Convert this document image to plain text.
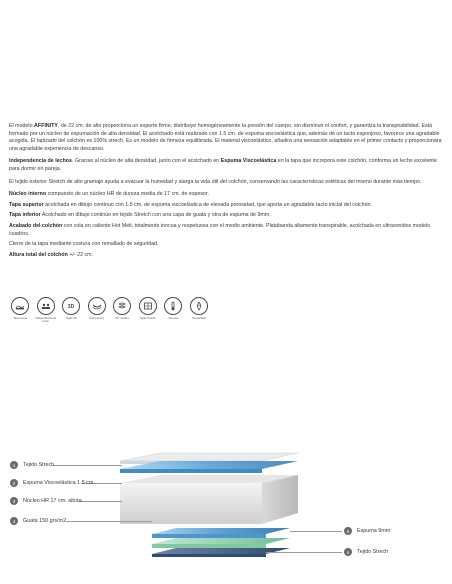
El modelo AFFINITY, de 22 cm. de alto proporciona un soporte firme, distribuye homogéneamente la presión del cuerpo, sin disminuir el confort, y garantiza la transpirabilidad. Está formado por un núcleo de espumación de alta densidad. El acolchado está realizado con 1.5 cm. de espuma viscoelástica que, además de un tacto esponjoso, favorece una agradable acogida. El tapizado del colchón es 100% strech. Es un modelo de firmeza equilibrada. El material viscoelástico, añadirá una sensación adaptable en el primer contacto y proporcionara una agradable experiencia de descanso.

Independencia de lechos. Gracias al núcleo de alta densidad, junto con el acolchado en Espuma Viscoelástica en la tapa que incorpora este colchón, conforma un lecho excelente para dormir en pareja.

El tejido exterior Stretch de alto gramaje ayuda a evacuar la humedad y alarga la vida útil del colchón, conservando las características estéticas del mismo durante más tiempo.

Núcleo interno compuesto de un núcleo HR de dureza media de 17 cm. de espesor.

Tapa superior acolchada en dibujo continuo con 1.5 cm. de espuma viscoelástica de elevada porosidad, que aporta un agradable tacto inicial del colchón.

Tapa inferior Acolchado en dibujo continúo en tejido Stretch con una capa de guata y otra de espuma de 9mm.

Acabado del colchón con cola en caliente Hot Melt, totalmente inocua y respetuosa con el medio ambiente. Platabanda altamente transpirable, acolchada en ultrasonidos modelo cuadros.

Cierre de la tapa mediante costura con remallado de seguridad.

Altura total del colchón +/- 22 cm.

Tacto suave	Independencia de lecho
3D
Tejido 3D	Soft memory	Sin muelles	Tejido Stretch	Firmeza	Transpirable
1	Tejido Strech
2	Espuma Viscoelástica 1.5 cm.
3	Núcleo HR 17 cm. altura
4	Guata 150 grs/m2
5	Espuma 9mm
4	Tejido Strech
